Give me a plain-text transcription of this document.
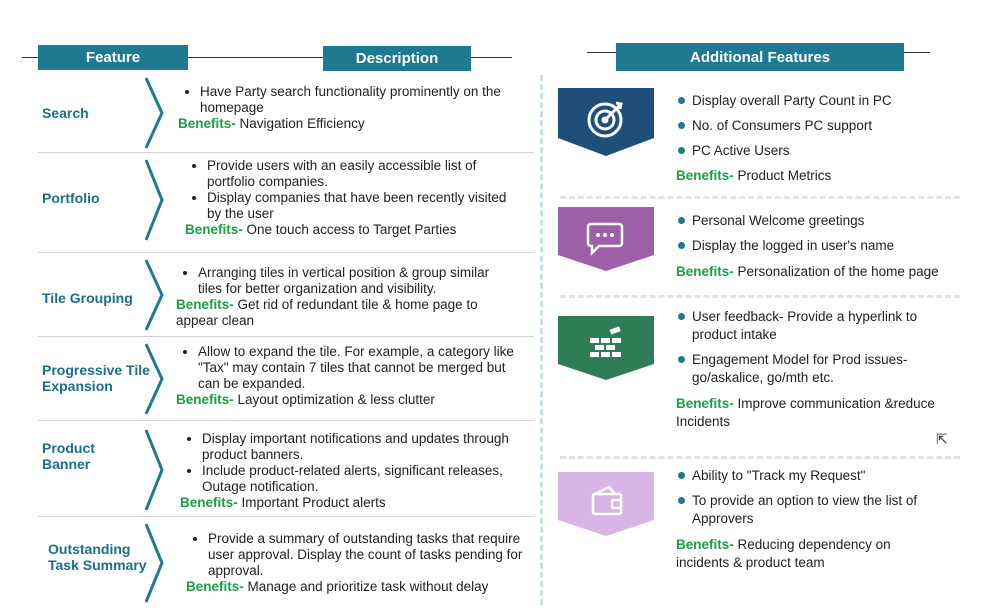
Feature	Description	Additional Features
Search
• Have Party search functionality prominently on the homepage
Benefits- Navigation Efficiency
Portfolio
• Provide users with an easily accessible list of portfolio companies.
• Display companies that have been recently visited by the user
Benefits- One touch access to Target Parties
Tile Grouping
• Arranging tiles in vertical position & group similar tiles for better organization and visibility.
Benefits- Get rid of redundant tile & home page to appear clean
Progressive Tile Expansion
• Allow to expand the tile. For example, a category like "Tax" may contain 7 tiles that cannot be merged but can be expanded.
Benefits- Layout optimization & less clutter
Product Banner
• Display important notifications and updates through product banners.
• Include product-related alerts, significant releases, Outage notification.
Benefits- Important Product alerts
Outstanding Task Summary
• Provide a summary of outstanding tasks that require user approval. Display the count of tasks pending for approval.
Benefits- Manage and prioritize task without delay
Display overall Party Count in PC
No. of Consumers PC support
PC Active Users
Benefits- Product Metrics
Personal Welcome greetings
Display the logged in user's name
Benefits- Personalization of the home page
User feedback- Provide a hyperlink to product intake
Engagement Model for Prod issues- go/askalice, go/mth etc.
Benefits- Improve communication &reduce Incidents
⇱
Ability to "Track my Request"
To provide an option to view the list of Approvers
Benefits- Reducing dependency on incidents & product team
